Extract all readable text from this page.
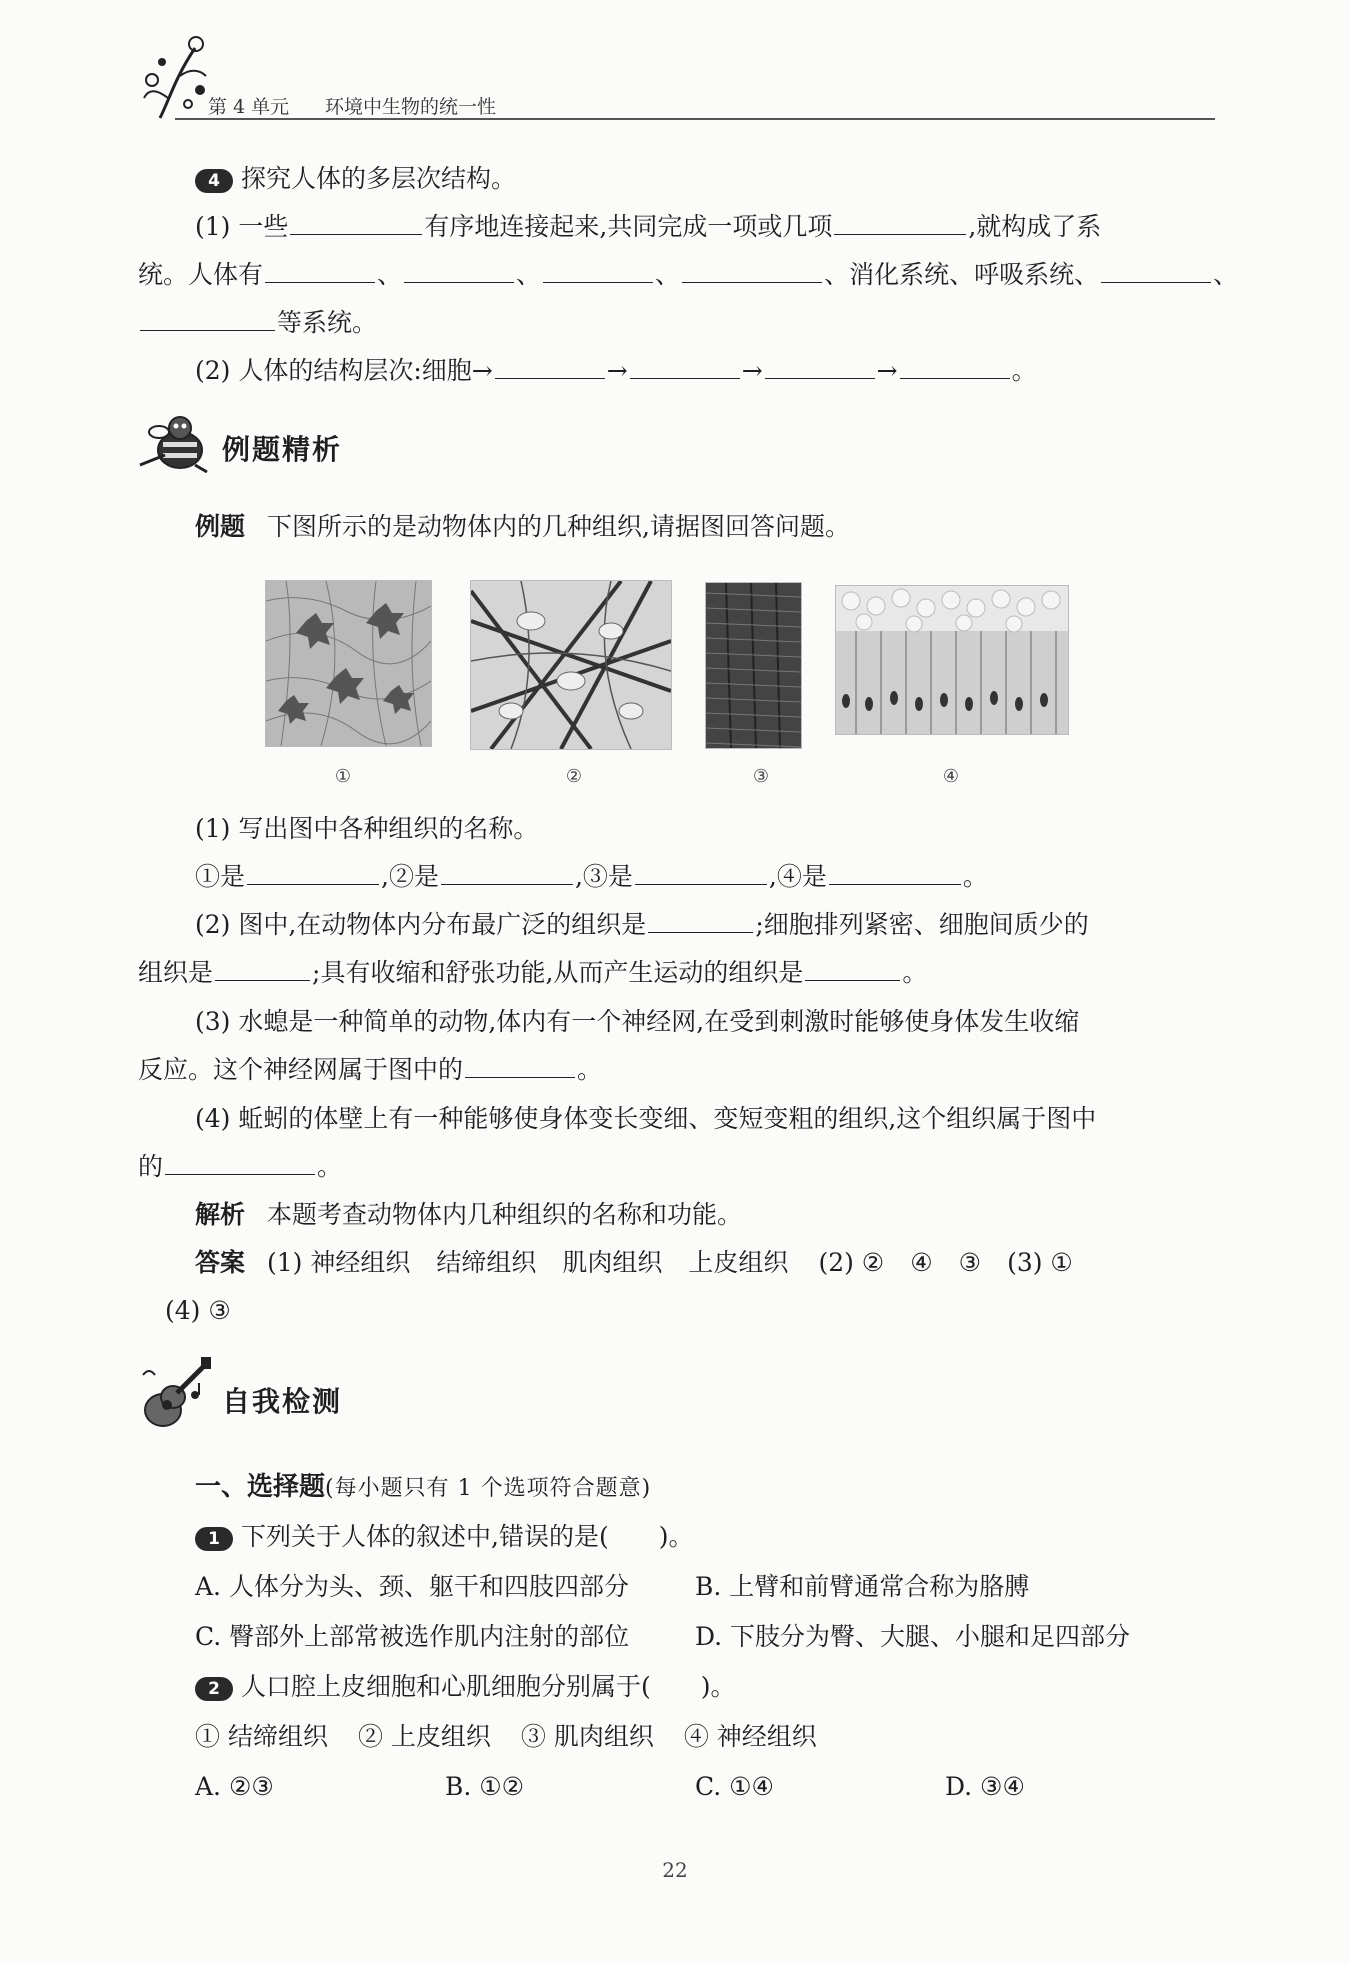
第 4 单元 环境中生物的统一性
4 探究人体的多层次结构。
(1) 一些	有序地连接起来,共同完成一项或几项	,就构成了系
统。人体有	、	、	、	、消化系统、呼吸系统、	、
等系统。
(2) 人体的结构层次:细胞→	→	→	→	。
例题精析
例题 下图所示的是动物体内的几种组织,请据图回答问题。
①	②	③	④
(1) 写出图中各种组织的名称。
①是	,②是	,③是	,④是	。
(2) 图中,在动物体内分布最广泛的组织是	;细胞排列紧密、细胞间质少的
组织是	;具有收缩和舒张功能,从而产生运动的组织是	。
(3) 水螅是一种简单的动物,体内有一个神经网,在受到刺激时能够使身体发生收缩
反应。这个神经网属于图中的	。
(4) 蚯蚓的体壁上有一种能够使身体变长变细、变短变粗的组织,这个组织属于图中
的	。
解析 本题考查动物体内几种组织的名称和功能。
答案 (1) 神经组织 结缔组织 肌肉组织 上皮组织 (2) ② ④ ③ (3) ①
(4) ③
自我检测
一、选择题(每小题只有 1 个选项符合题意)
1 下列关于人体的叙述中,错误的是(　　)。
A. 人体分为头、颈、躯干和四肢四部分	B. 上臂和前臂通常合称为胳膊
C. 臀部外上部常被选作肌内注射的部位	D. 下肢分为臀、大腿、小腿和足四部分
2 人口腔上皮细胞和心肌细胞分别属于(　　)。
① 结缔组织 ② 上皮组织 ③ 肌肉组织 ④ 神经组织
A. ②③	B. ①②	C. ①④	D. ③④
22
